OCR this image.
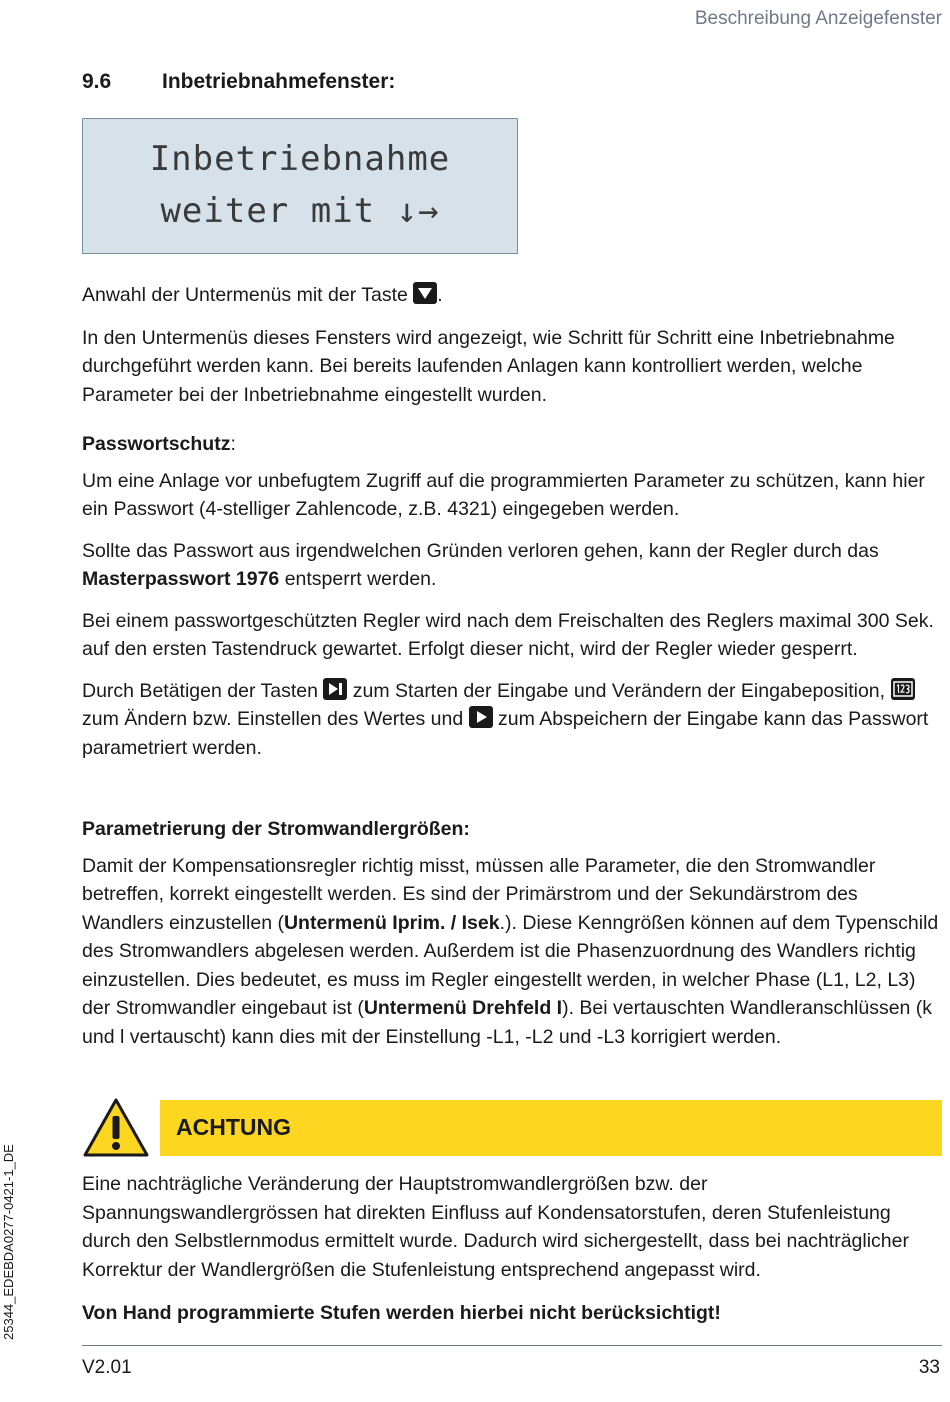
Beschreibung Anzeigefenster
9.6 Inbetriebnahmefenster:
Inbetriebnahme
weiter mit ↓→

Anwahl der Untermenüs mit der Taste .

In den Untermenüs dieses Fensters wird angezeigt, wie Schritt für Schritt eine Inbetriebnahme durchgeführt werden kann. Bei bereits laufenden Anlagen kann kontrolliert werden, welche Parameter bei der Inbetriebnahme eingestellt wurden.

Passwortschutz:

Um eine Anlage vor unbefugtem Zugriff auf die programmierten Parameter zu schützen, kann hier ein Passwort (4-stelliger Zahlencode, z.B. 4321) eingegeben werden.

Sollte das Passwort aus irgendwelchen Gründen verloren gehen, kann der Regler durch das Masterpasswort 1976 entsperrt werden.

Bei einem passwortgeschützten Regler wird nach dem Freischalten des Reglers maximal 300 Sek. auf den ersten Tastendruck gewartet. Erfolgt dieser nicht, wird der Regler wieder gesperrt.

Durch Betätigen der Tasten
zum Starten der Eingabe und Verändern der Eingabeposition,
zum Ändern bzw. Einstellen des Wertes und
zum Abspeichern der Eingabe kann das Passwort parametriert werden.

Parametrierung der Stromwandlergrößen:

Damit der Kompensationsregler richtig misst, müssen alle Parameter, die den Stromwandler betreffen, korrekt eingestellt werden. Es sind der Primärstrom und der Sekundärstrom des Wandlers einzustellen (Untermenü Iprim. / Isek.). Diese Kenngrößen können auf dem Typenschild des Stromwandlers abgelesen werden. Außerdem ist die Phasenzuordnung des Wandlers richtig einzustellen. Dies bedeutet, es muss im Regler eingestellt werden, in welcher Phase (L1, L2, L3) der Stromwandler eingebaut ist (Untermenü Drehfeld I). Bei vertauschten Wandleranschlüssen (k und l vertauscht) kann dies mit der Einstellung -L1, -L2 und -L3 korrigiert werden.

ACHTUNG

Eine nachträgliche Veränderung der Hauptstromwandlergrößen bzw. der Spannungswandlergrössen hat direkten Einfluss auf Kondensatorstufen, deren Stufenleistung durch den Selbstlernmodus ermittelt wurde. Dadurch wird sichergestellt, dass bei nachträglicher Korrektur der Wandlergrößen die Stufenleistung entsprechend angepasst wird.

Von Hand programmierte Stufen werden hierbei nicht berücksichtigt!

V2.01	33
25344_EDEBDA0277-0421-1_DE
